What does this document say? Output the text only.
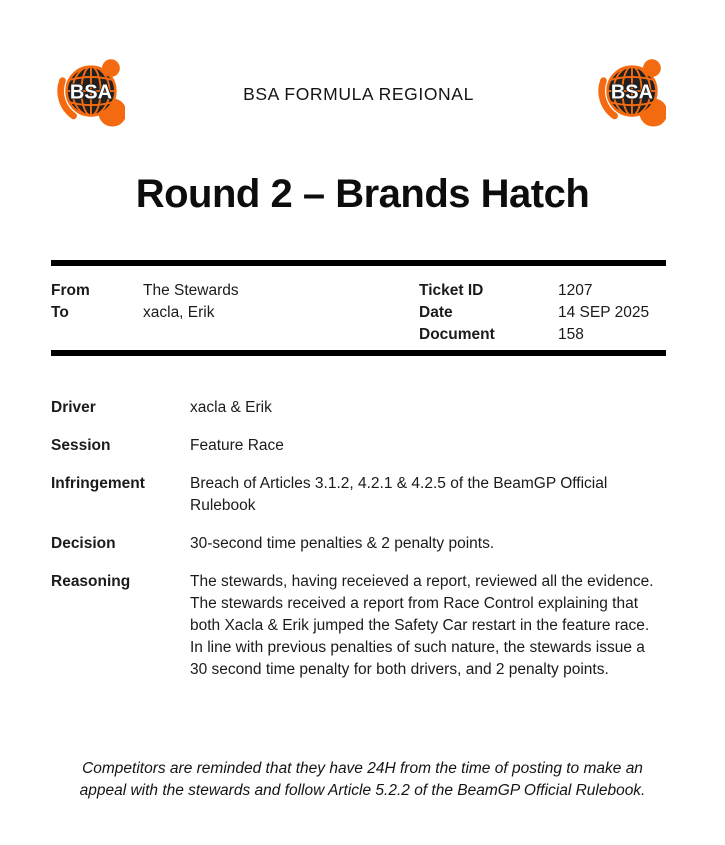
BSA	BSA FORMULA REGIONAL	BSA
Round 2 – Brands Hatch
From	The Stewards
To	xacla, Erik
Ticket ID	1207
Date	14 SEP 2025
Document	158
Driver	xacla & Erik
Session	Feature Race
Infringement	Breach of Articles 3.1.2, 4.2.1 & 4.2.5 of the BeamGP Official Rulebook
Decision	30-second time penalties & 2 penalty points.
Reasoning	The stewards, having receieved a report, reviewed all the evidence. The stewards received a report from Race Control explaining that both Xacla & Erik jumped the Safety Car restart in the feature race. In line with previous penalties of such nature, the stewards issue a 30 second time penalty for both drivers, and 2 penalty points.

Competitors are reminded that they have 24H from the time of posting to make an appeal with the stewards and follow Article 5.2.2 of the BeamGP Official Rulebook.
